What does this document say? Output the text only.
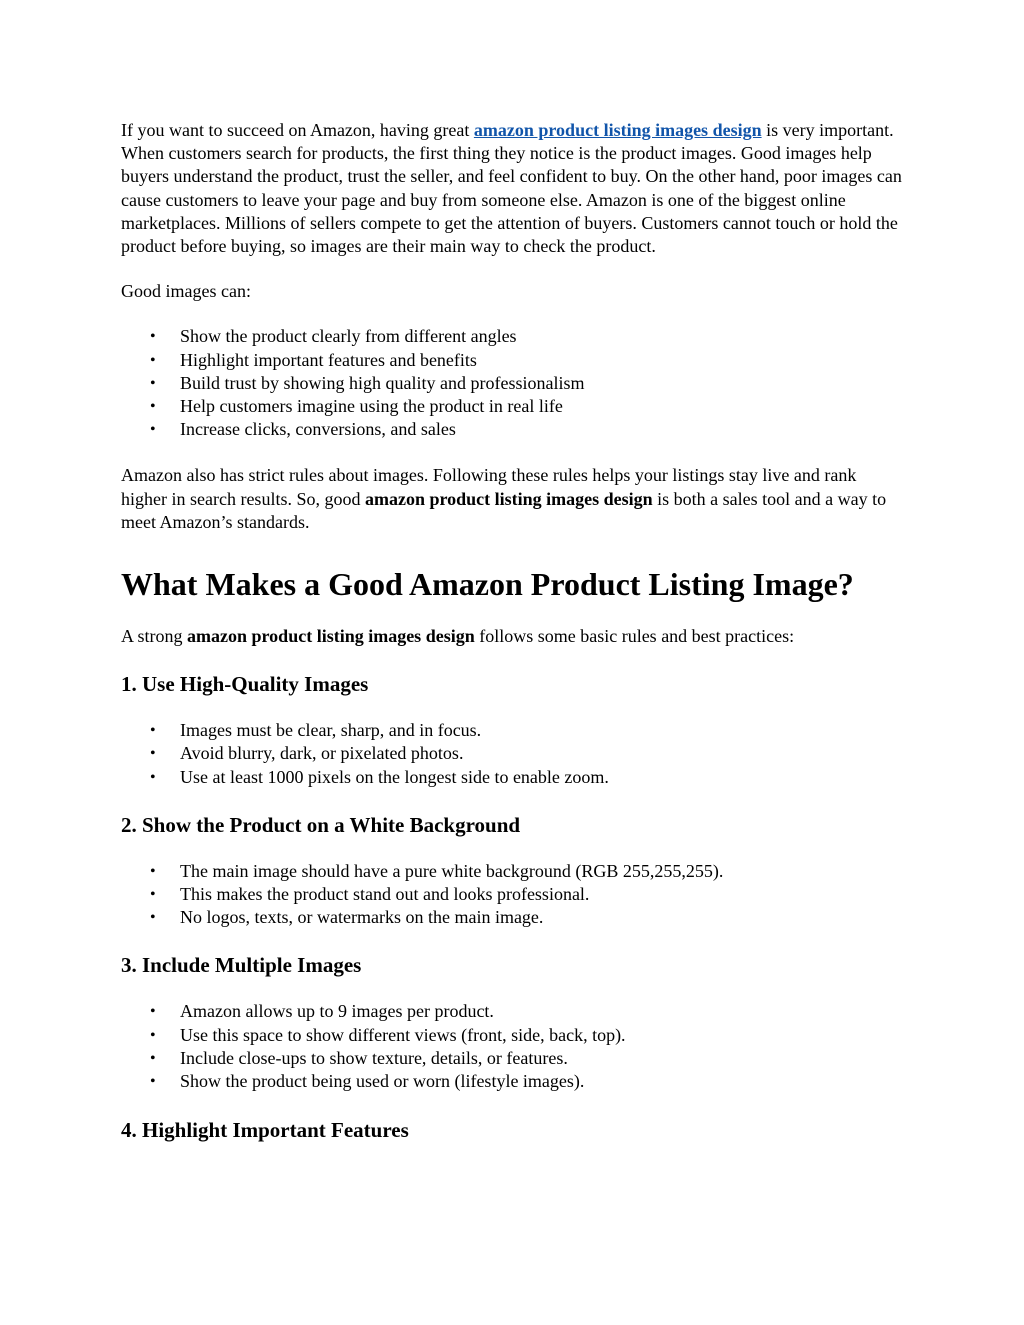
If you want to succeed on Amazon, having great amazon product listing images design is very important. When customers search for products, the first thing they notice is the product images. Good images help buyers understand the product, trust the seller, and feel confident to buy. On the other hand, poor images can cause customers to leave your page and buy from someone else. Amazon is one of the biggest online marketplaces. Millions of sellers compete to get the attention of buyers. Customers cannot touch or hold the product before buying, so images are their main way to check the product.

Good images can:

• Show the product clearly from different angles
• Highlight important features and benefits
• Build trust by showing high quality and professionalism
• Help customers imagine using the product in real life
• Increase clicks, conversions, and sales

Amazon also has strict rules about images. Following these rules helps your listings stay live and rank higher in search results. So, good amazon product listing images design is both a sales tool and a way to meet Amazon’s standards.

What Makes a Good Amazon Product Listing Image?

A strong amazon product listing images design follows some basic rules and best practices:

1. Use High-Quality Images
• Images must be clear, sharp, and in focus.
• Avoid blurry, dark, or pixelated photos.
• Use at least 1000 pixels on the longest side to enable zoom.
2. Show the Product on a White Background
• The main image should have a pure white background (RGB 255,255,255).
• This makes the product stand out and looks professional.
• No logos, texts, or watermarks on the main image.
3. Include Multiple Images
• Amazon allows up to 9 images per product.
• Use this space to show different views (front, side, back, top).
• Include close-ups to show texture, details, or features.
• Show the product being used or worn (lifestyle images).
4. Highlight Important Features
